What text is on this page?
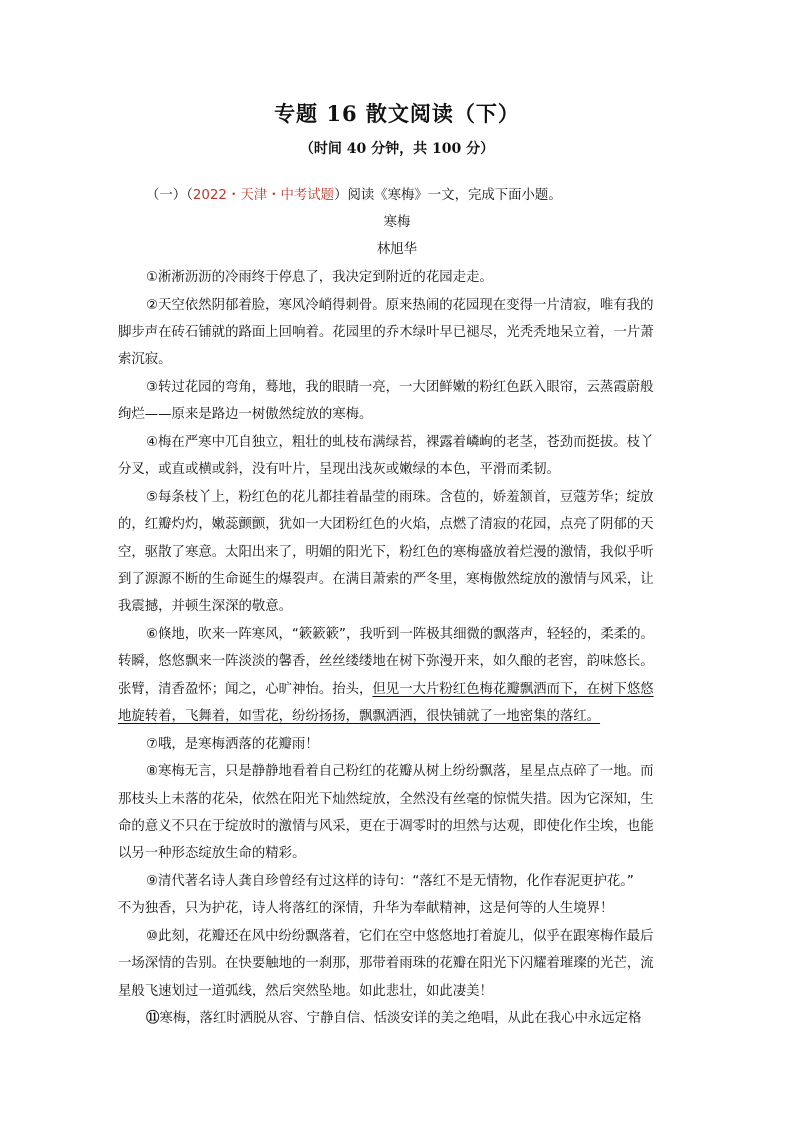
专题 16 散文阅读（下）
（时间 40 分钟，共 100 分）
（一）（2022・天津・中考试题）阅读《寒梅》一文，完成下面小题。
寒梅
林旭华
①淅淅沥沥的冷雨终于停息了，我决定到附近的花园走走。
②天空依然阴郁着脸，寒风冷峭得刺骨。原来热闹的花园现在变得一片清寂，唯有我的
脚步声在砖石铺就的路面上回响着。花园里的乔木绿叶早已褪尽，光秃秃地呆立着，一片萧
索沉寂。
③转过花园的弯角，蓦地，我的眼睛一亮，一大团鲜嫩的粉红色跃入眼帘，云蒸霞蔚般
绚烂——原来是路边一树傲然绽放的寒梅。
④梅在严寒中兀自独立，粗壮的虬枝布满绿苔，裸露着嶙峋的老茎，苍劲而挺拔。枝丫
分叉，或直或横或斜，没有叶片，呈现出浅灰或嫩绿的本色，平滑而柔韧。
⑤每条枝丫上，粉红色的花儿都挂着晶莹的雨珠。含苞的，娇羞颔首，豆蔻芳华；绽放
的，红瓣灼灼，嫩蕊颤颤，犹如一大团粉红色的火焰，点燃了清寂的花园，点亮了阴郁的天
空，驱散了寒意。太阳出来了，明媚的阳光下，粉红色的寒梅盛放着烂漫的激情，我似乎听
到了源源不断的生命诞生的爆裂声。在满目萧索的严冬里，寒梅傲然绽放的激情与风采，让
我震撼，并顿生深深的敬意。
⑥倏地，吹来一阵寒风，“簌簌簌”，我听到一阵极其细微的飘落声，轻轻的，柔柔的。
转瞬，悠悠飘来一阵淡淡的馨香，丝丝缕缕地在树下弥漫开来，如久酿的老窖，韵味悠长。
张臂，清香盈怀；闻之，心旷神怡。抬头，但见一大片粉红色梅花瓣飘洒而下，在树下悠悠
地旋转着，飞舞着，如雪花，纷纷扬扬，飘飘洒洒，很快铺就了一地密集的落红。
⑦哦，是寒梅洒落的花瓣雨！
⑧寒梅无言，只是静静地看着自己粉红的花瓣从树上纷纷飘落，星星点点碎了一地。而
那枝头上未落的花朵，依然在阳光下灿然绽放，全然没有丝毫的惊慌失措。因为它深知，生
命的意义不只在于绽放时的激情与风采，更在于凋零时的坦然与达观，即使化作尘埃，也能
以另一种形态绽放生命的精彩。
⑨清代著名诗人龚自珍曾经有过这样的诗句：“落红不是无情物，化作春泥更护花。”
不为独香，只为护花，诗人将落红的深情，升华为奉献精神，这是何等的人生境界！
⑩此刻，花瓣还在风中纷纷飘落着，它们在空中悠悠地打着旋儿，似乎在跟寒梅作最后
一场深情的告别。在快要触地的一刹那，那带着雨珠的花瓣在阳光下闪耀着璀璨的光芒，流
星般飞速划过一道弧线，然后突然坠地。如此悲壮，如此凄美！
⑪寒梅，落红时洒脱从容、宁静自信、恬淡安详的美之绝唱，从此在我心中永远定格
